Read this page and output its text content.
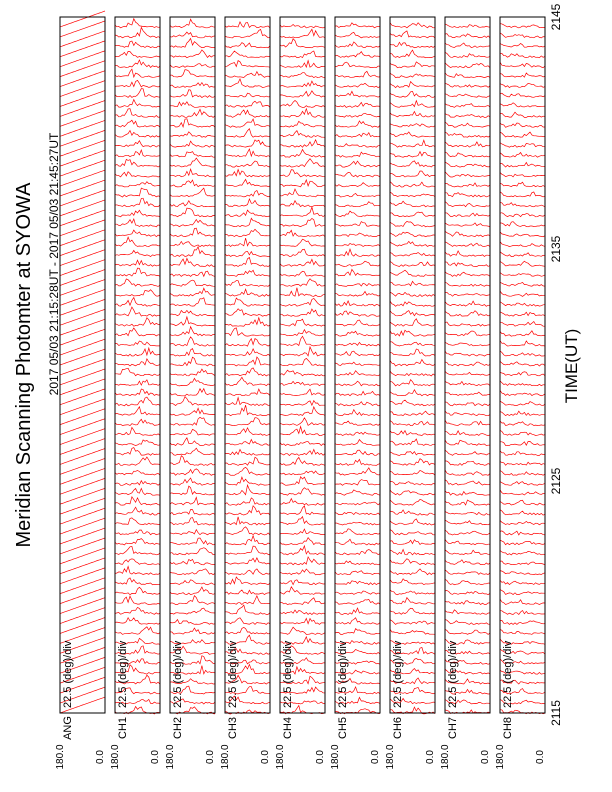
Meridian Scanning Photomter at SYOWA 2017 05/03 21:15:28UT - 2017 05/03 21:45:27UT	TIME(UT)
22.5 (deg)/div
ANG
180.0	0.0
22.5 (deg)/div
CH1
180.0	0.0
22.5 (deg)/div
CH2
180.0	0.0
22.5 (deg)/div
CH3
180.0	0.0
22.5 (deg)/div
CH4
180.0	0.0
22.5 (deg)/div
CH5
180.0	0.0
22.5 (deg)/div
CH6
180.0	0.0
22.5 (deg)/div
CH7
180.0	0.0
22.5 (deg)/div
CH8
180.0	0.0
2115
2125
2135
2145
